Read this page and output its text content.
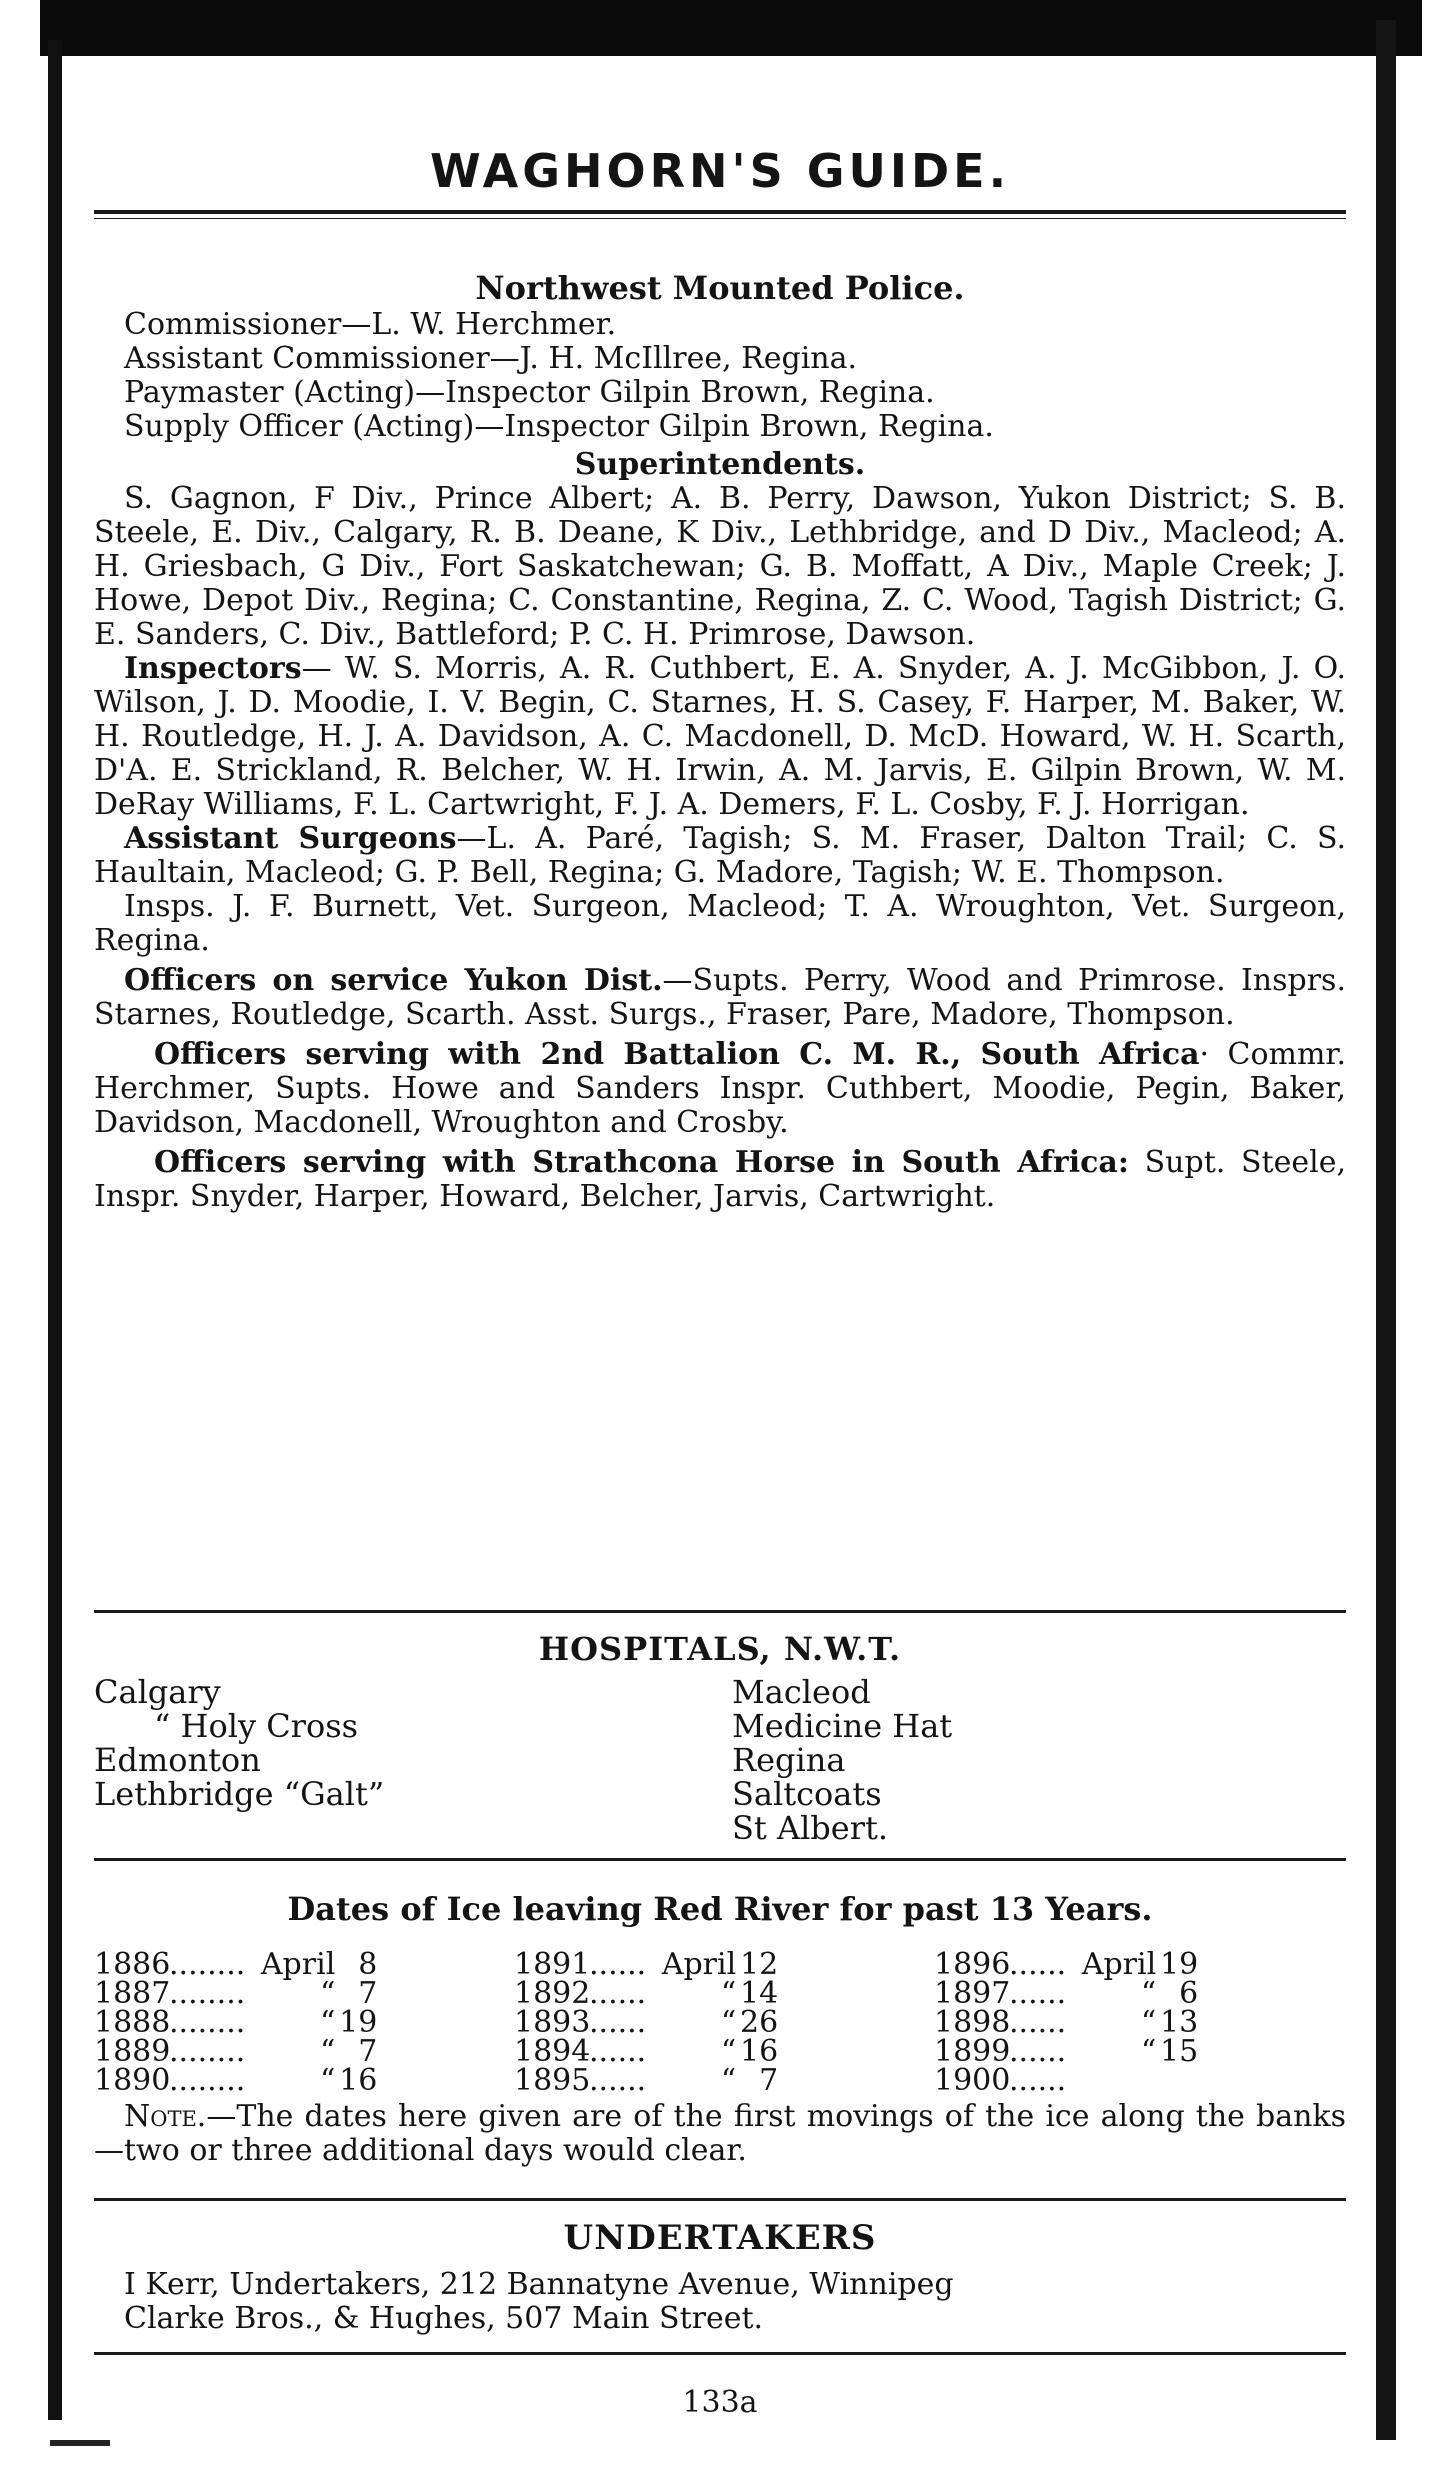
WAGHORN'S GUIDE.

Northwest Mounted Police.

Commissioner—L. W. Herchmer.

Assistant Commissioner—J. H. McIllree, Regina.

Paymaster (Acting)—Inspector Gilpin Brown, Regina.

Supply Officer (Acting)—Inspector Gilpin Brown, Regina.

Superintendents.

S. Gagnon, F Div., Prince Albert; A. B. Perry, Dawson, Yukon District; S. B. Steele, E. Div., Calgary, R. B. Deane, K Div., Lethbridge, and D Div., Macleod; A. H. Griesbach, G Div., Fort Saskatchewan; G. B. Moffatt, A Div., Maple Creek; J. Howe, Depot Div., Regina; C. Constantine, Regina, Z. C. Wood, Tagish District; G. E. Sanders, C. Div., Battleford; P. C. H. Primrose, Dawson.

Inspectors— W. S. Morris, A. R. Cuthbert, E. A. Snyder, A. J. McGibbon, J. O. Wilson, J. D. Moodie, I. V. Begin, C. Starnes, H. S. Casey, F. Harper, M. Baker, W. H. Routledge, H. J. A. Davidson, A. C. Macdonell, D. McD. Howard, W. H. Scarth, D'A. E. Strickland, R. Belcher, W. H. Irwin, A. M. Jarvis, E. Gilpin Brown, W. M. DeRay Williams, F. L. Cartwright, F. J. A. Demers, F. L. Cosby, F. J. Horrigan.

Assistant Surgeons—L. A. Paré, Tagish; S. M. Fraser, Dalton Trail; C. S. Haultain, Macleod; G. P. Bell, Regina; G. Madore, Tagish; W. E. Thompson.

Insps. J. F. Burnett, Vet. Surgeon, Macleod; T. A. Wroughton, Vet. Surgeon, Regina.

Officers on service Yukon Dist.—Supts. Perry, Wood and Primrose. Insprs. Starnes, Routledge, Scarth. Asst. Surgs., Fraser, Pare, Madore, Thompson.

Officers serving with 2nd Battalion C. M. R., South Africa· Commr. Herchmer, Supts. Howe and Sanders Inspr. Cuthbert, Moodie, Pegin, Baker, Davidson, Macdonell, Wroughton and Crosby.

Officers serving with Strathcona Horse in South Africa: Supt. Steele, Inspr. Snyder, Harper, Howard, Belcher, Jarvis, Cartwright.

HOSPITALS, N.W.T.
Calgary
“ Holy Cross
Edmonton
Lethbridge “Galt”
Macleod
Medicine Hat
Regina
Saltcoats
St Albert.
Dates of Ice leaving Red River for past 13 Years.
1886........ April 8
1887........ “ 7
1888........ “ 19
1889........ “ 7
1890........ “ 16
1891...... April 12
1892...... “ 14
1893...... “ 26
1894...... “ 16
1895...... “ 7
1896...... April 19
1897...... “ 6
1898...... “ 13
1899...... “ 15
1900......

Note.—The dates here given are of the first movings of the ice along the banks—two or three additional days would clear.

UNDERTAKERS
I Kerr, Undertakers, 212 Bannatyne Avenue, Winnipeg
Clarke Bros., & Hughes, 507 Main Street.
133a
